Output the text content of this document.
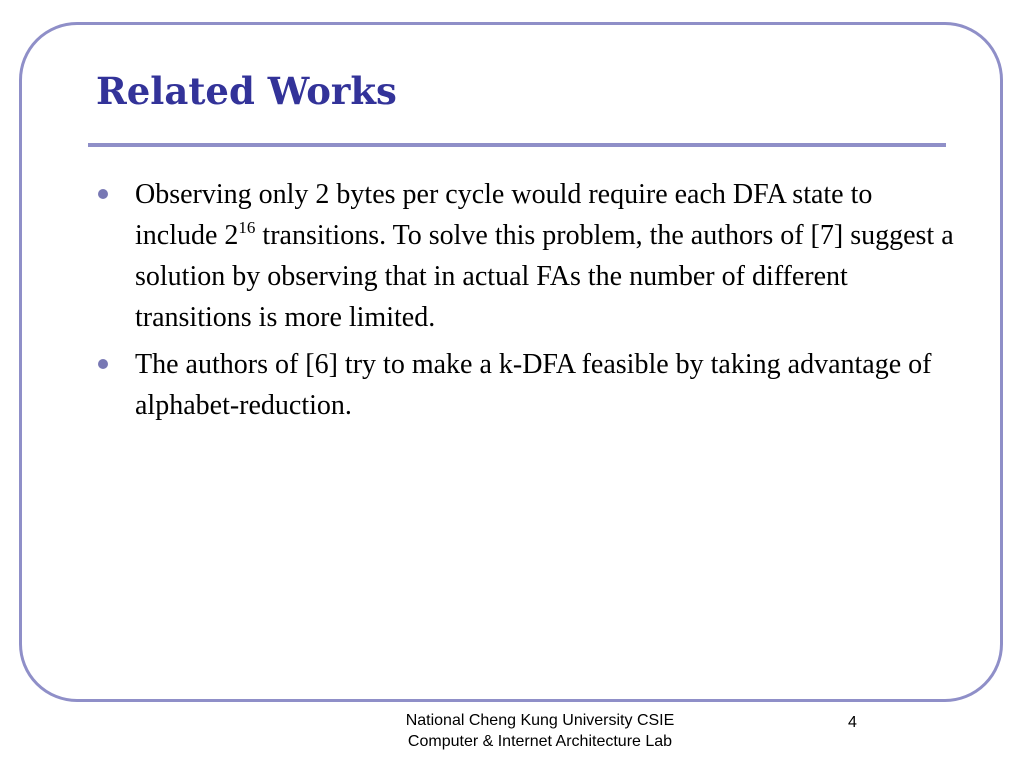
Related Works
Observing only 2 bytes per cycle would require each DFA state to include $2^{16}$ transitions. To solve this problem, the authors of [7] suggest a solution by observing that in actual FAs the number of different transitions is more limited.
The authors of [6] try to make a k-DFA feasible by taking advantage of alphabet-reduction.
National Cheng Kung University CSIE
Computer & Internet Architecture Lab
4
